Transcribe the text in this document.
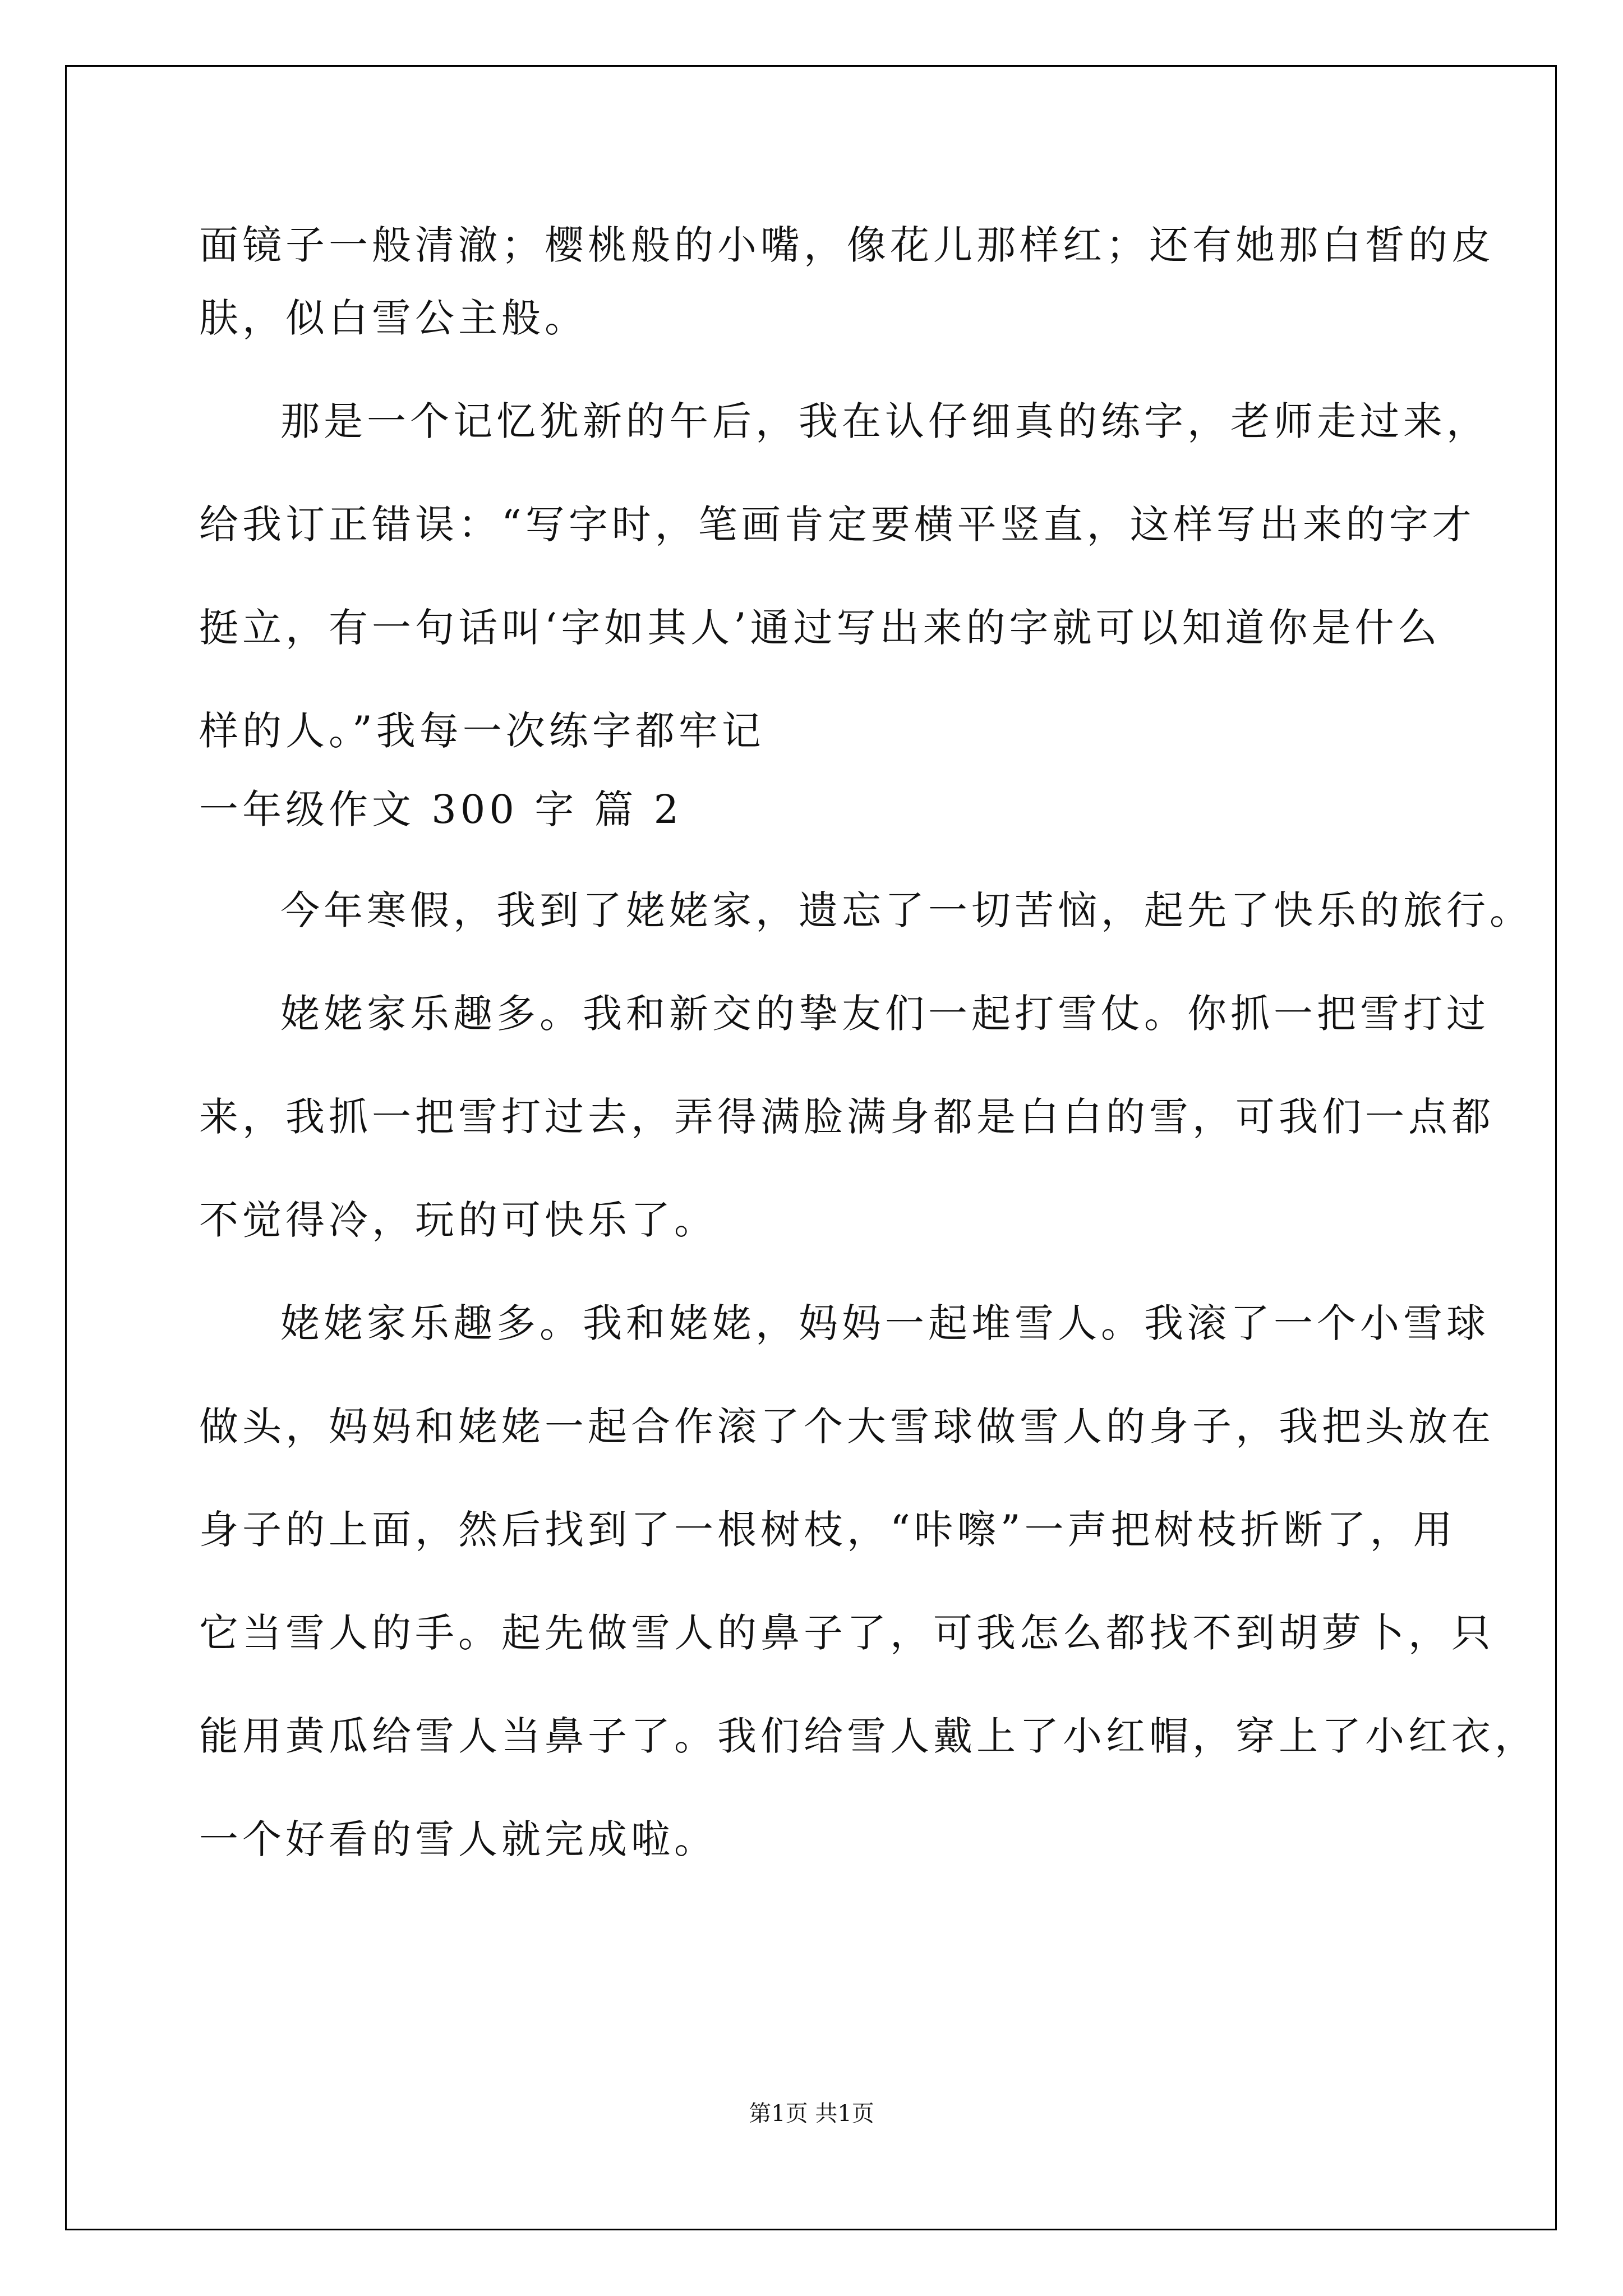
面镜子一般清澈；樱桃般的小嘴，像花儿那样红；还有她那白皙的皮
肤，似白雪公主般。
那是一个记忆犹新的午后，我在认仔细真的练字，老师走过来，
给我订正错误：“写字时，笔画肯定要横平竖直，这样写出来的字才
挺立，有一句话叫‘字如其人’通过写出来的字就可以知道你是什么
样的人。”我每一次练字都牢记
一年级作文 300 字 篇 2
今年寒假，我到了姥姥家，遗忘了一切苦恼，起先了快乐的旅行。
姥姥家乐趣多。我和新交的挚友们一起打雪仗。你抓一把雪打过
来，我抓一把雪打过去，弄得满脸满身都是白白的雪，可我们一点都
不觉得冷，玩的可快乐了。
姥姥家乐趣多。我和姥姥，妈妈一起堆雪人。我滚了一个小雪球
做头，妈妈和姥姥一起合作滚了个大雪球做雪人的身子，我把头放在
身子的上面，然后找到了一根树枝，“咔嚓”一声把树枝折断了，用
它当雪人的手。起先做雪人的鼻子了，可我怎么都找不到胡萝卜，只
能用黄瓜给雪人当鼻子了。我们给雪人戴上了小红帽，穿上了小红衣，
一个好看的雪人就完成啦。
第1页 共1页
